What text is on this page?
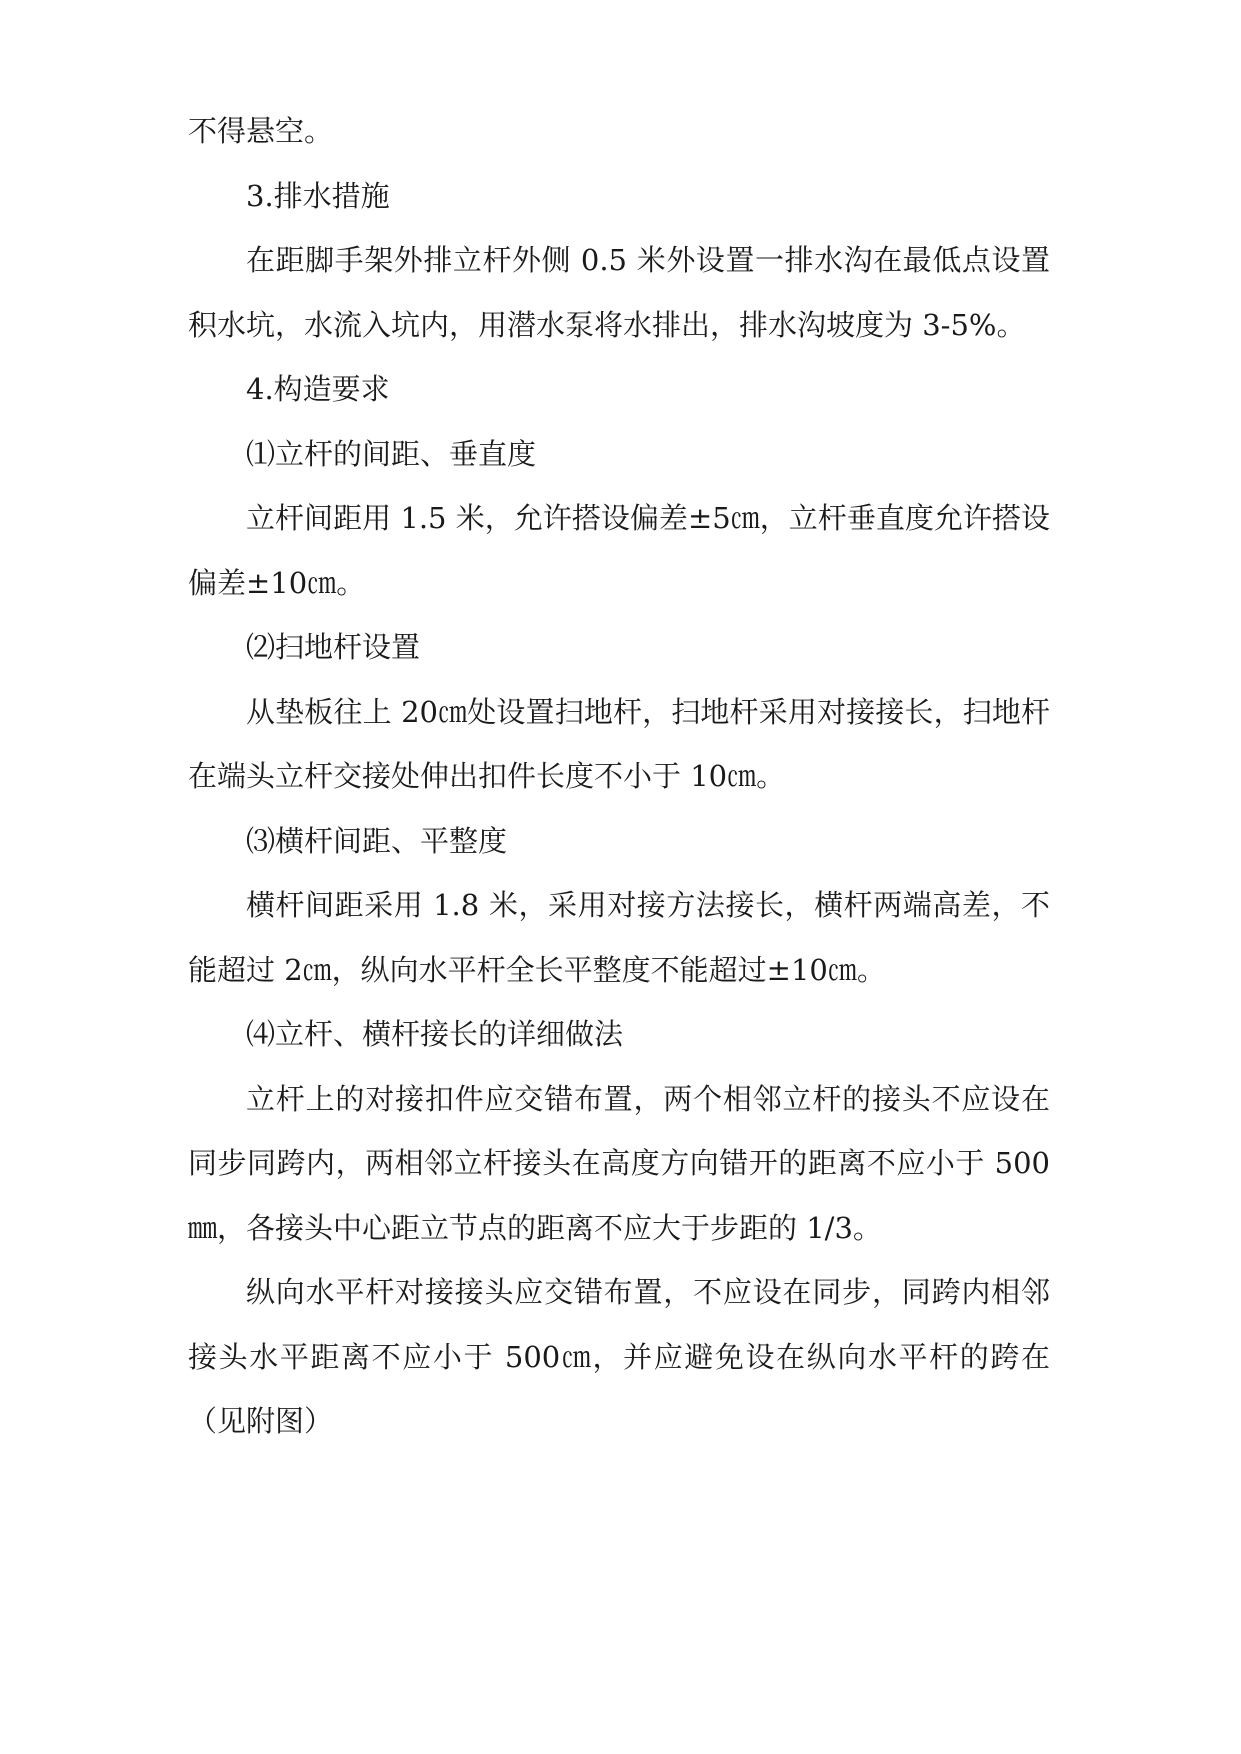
不得悬空。

3.排水措施

在距脚手架外排立杆外侧 0.5 米外设置一排水沟在最低点设置积水坑，水流入坑内，用潜水泵将水排出，排水沟坡度为 3-5%。

4.构造要求

⑴立杆的间距、垂直度

立杆间距用 1.5 米，允许搭设偏差±5㎝，立杆垂直度允许搭设偏差±10㎝。

⑵扫地杆设置

从垫板往上 20㎝处设置扫地杆，扫地杆采用对接接长，扫地杆在端头立杆交接处伸出扣件长度不小于 10㎝。

⑶横杆间距、平整度

横杆间距采用 1.8 米，采用对接方法接长，横杆两端高差，不能超过 2㎝，纵向水平杆全长平整度不能超过±10㎝。

⑷立杆、横杆接长的详细做法

立杆上的对接扣件应交错布置，两个相邻立杆的接头不应设在同步同跨内，两相邻立杆接头在高度方向错开的距离不应小于 500㎜，各接头中心距立节点的距离不应大于步距的 1/3。

纵向水平杆对接接头应交错布置，不应设在同步，同跨内相邻接头水平距离不应小于 500㎝，并应避免设在纵向水平杆的跨在（见附图）
